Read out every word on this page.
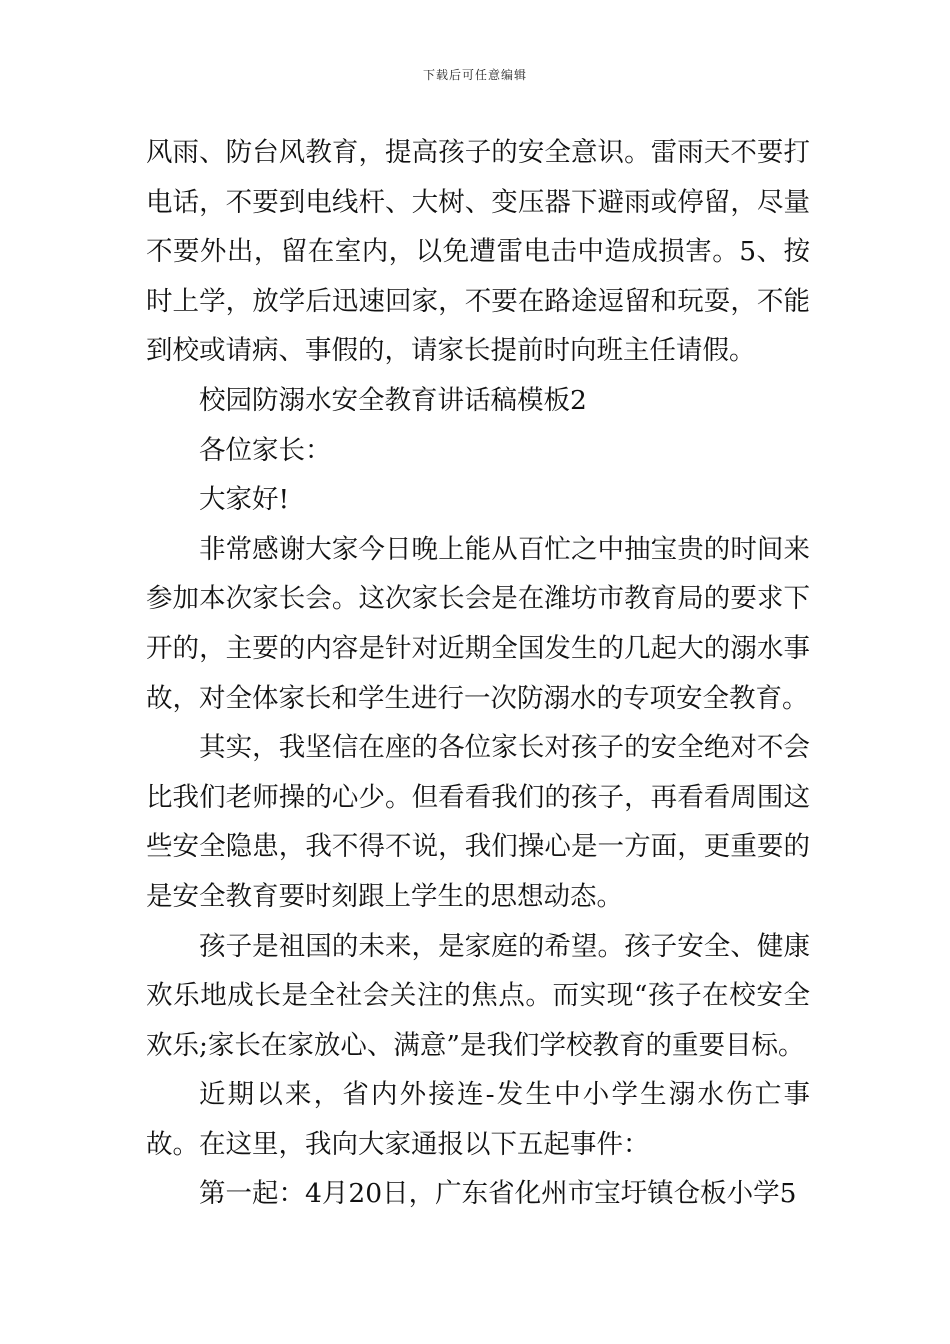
下载后可任意编辑

风雨、防台风教育，提高孩子的安全意识。雷雨天不要打电话，不要到电线杆、大树、变压器下避雨或停留，尽量不要外出，留在室内，以免遭雷电击中造成损害。5、按时上学，放学后迅速回家，不要在路途逗留和玩耍，不能到校或请病、事假的，请家长提前时向班主任请假。

校园防溺水安全教育讲话稿模板2

各位家长：

大家好!

非常感谢大家今日晚上能从百忙之中抽宝贵的时间来参加本次家长会。这次家长会是在潍坊市教育局的要求下开的，主要的内容是针对近期全国发生的几起大的溺水事故，对全体家长和学生进行一次防溺水的专项安全教育。

其实，我坚信在座的各位家长对孩子的安全绝对不会比我们老师操的心少。但看看我们的孩子，再看看周围这些安全隐患，我不得不说，我们操心是一方面，更重要的是安全教育要时刻跟上学生的思想动态。

孩子是祖国的未来，是家庭的希望。孩子安全、健康欢乐地成长是全社会关注的焦点。而实现“孩子在校安全欢乐;家长在家放心、满意”是我们学校教育的重要目标。

近期以来，省内外接连-发生中小学生溺水伤亡事故。在这里，我向大家通报以下五起事件：

第一起：4月20日，广东省化州市宝圩镇仓板小学5
